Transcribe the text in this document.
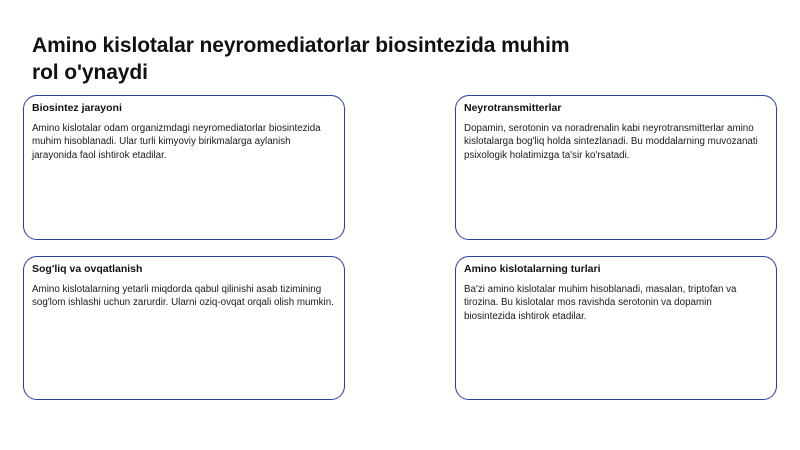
Amino kislotalar neyromediatorlar biosintezida muhim rol o'ynaydi
Biosintez jarayoni

Amino kislotalar odam organizmdagi neyromediatorlar biosintezida muhim hisoblanadi. Ular turli kimyoviy birikmalarga aylanish jarayonida faol ishtirok etadilar.

Neyrotransmitterlar

Dopamin, serotonin va noradrenalin kabi neyrotransmitterlar amino kislotalarga bog'liq holda sintezlanadi. Bu moddalarning muvozanati psixologik holatimizga ta'sir ko'rsatadi.

Sog'liq va ovqatlanish

Amino kislotalarning yetarli miqdorda qabul qilinishi asab tizimining sog'lom ishlashi uchun zarurdir. Ularni oziq-ovqat orqali olish mumkin.

Amino kislotalarning turlari

Ba'zi amino kislotalar muhim hisoblanadi, masalan, triptofan va tirozina. Bu kislotalar mos ravishda serotonin va dopamin biosintezida ishtirok etadilar.
